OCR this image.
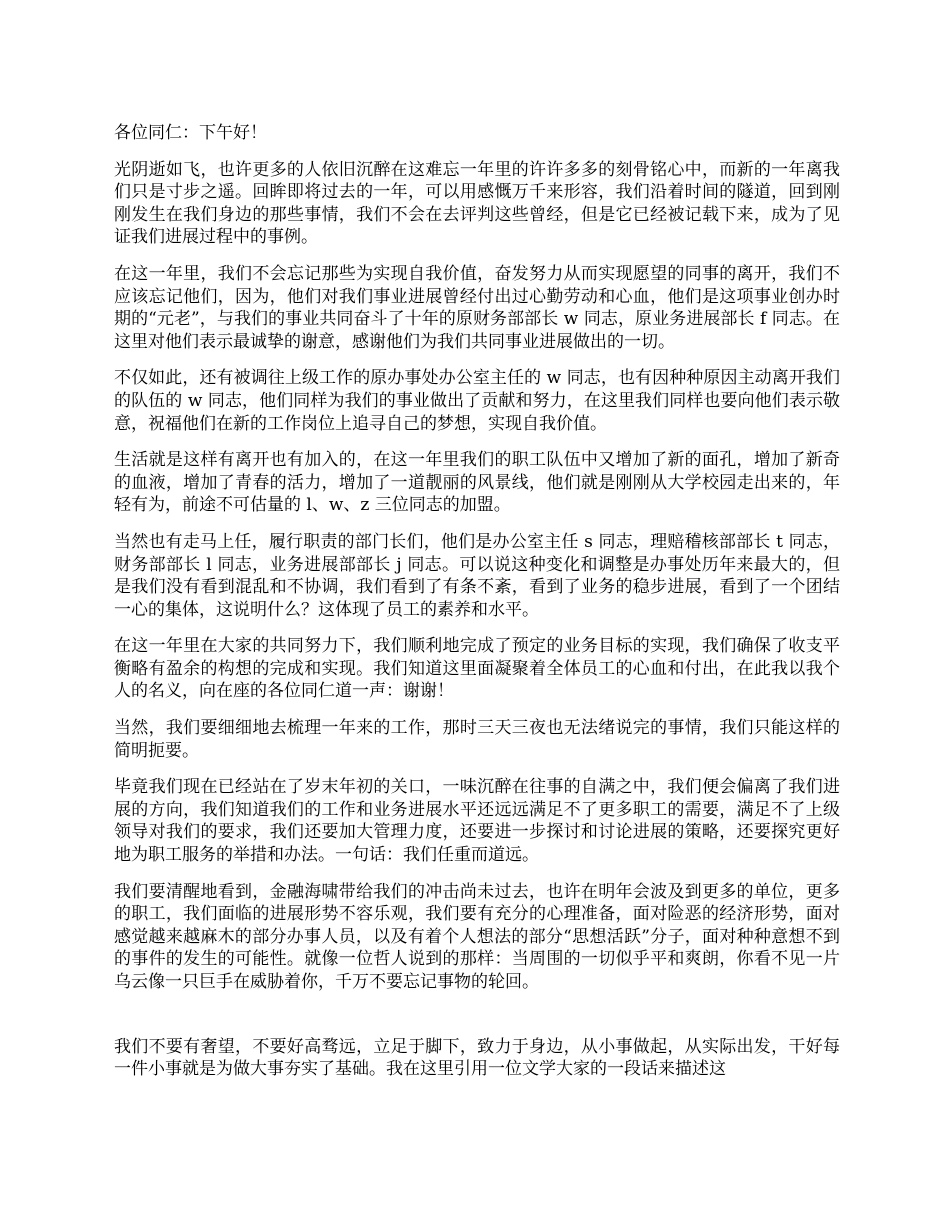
各位同仁：下午好！

光阴逝如飞，也许更多的人依旧沉醉在这难忘一年里的许许多多的刻骨铭心中，而新的一年离我们只是寸步之遥。回眸即将过去的一年，可以用感慨万千来形容，我们沿着时间的隧道，回到刚刚发生在我们身边的那些事情，我们不会在去评判这些曾经，但是它已经被记载下来，成为了见证我们进展过程中的事例。

在这一年里，我们不会忘记那些为实现自我价值，奋发努力从而实现愿望的同事的离开，我们不应该忘记他们，因为，他们对我们事业进展曾经付出过心勤劳动和心血，他们是这项事业创办时期的“元老”，与我们的事业共同奋斗了十年的原财务部部长 w 同志，原业务进展部长 f 同志。在这里对他们表示最诚挚的谢意，感谢他们为我们共同事业进展做出的一切。

不仅如此，还有被调往上级工作的原办事处办公室主任的 w 同志，也有因种种原因主动离开我们的队伍的 w 同志，他们同样为我们的事业做出了贡献和努力，在这里我们同样也要向他们表示敬意，祝福他们在新的工作岗位上追寻自己的梦想，实现自我价值。

生活就是这样有离开也有加入的，在这一年里我们的职工队伍中又增加了新的面孔，增加了新奇的血液，增加了青春的活力，增加了一道靓丽的风景线，他们就是刚刚从大学校园走出来的，年轻有为，前途不可估量的 l、w、z 三位同志的加盟。

当然也有走马上任，履行职责的部门长们，他们是办公室主任 s 同志，理赔稽核部部长 t 同志，财务部部长 l 同志，业务进展部部长 j 同志。可以说这种变化和调整是办事处历年来最大的，但是我们没有看到混乱和不协调，我们看到了有条不紊，看到了业务的稳步进展，看到了一个团结一心的集体，这说明什么？这体现了员工的素养和水平。

在这一年里在大家的共同努力下，我们顺利地完成了预定的业务目标的实现，我们确保了收支平衡略有盈余的构想的完成和实现。我们知道这里面凝聚着全体员工的心血和付出，在此我以我个人的名义，向在座的各位同仁道一声：谢谢！

当然，我们要细细地去梳理一年来的工作，那时三天三夜也无法绪说完的事情，我们只能这样的简明扼要。

毕竟我们现在已经站在了岁末年初的关口，一味沉醉在往事的自满之中，我们便会偏离了我们进展的方向，我们知道我们的工作和业务进展水平还远远满足不了更多职工的需要，满足不了上级领导对我们的要求，我们还要加大管理力度，还要进一步探讨和讨论进展的策略，还要探究更好地为职工服务的举措和办法。一句话：我们任重而道远。

我们要清醒地看到，金融海啸带给我们的冲击尚未过去，也许在明年会波及到更多的单位，更多的职工，我们面临的进展形势不容乐观，我们要有充分的心理准备，面对险恶的经济形势，面对感觉越来越麻木的部分办事人员，以及有着个人想法的部分“思想活跃”分子，面对种种意想不到的事件的发生的可能性。就像一位哲人说到的那样：当周围的一切似乎平和爽朗，你看不见一片乌云像一只巨手在威胁着你，千万不要忘记事物的轮回。

我们不要有奢望，不要好高骛远，立足于脚下，致力于身边，从小事做起，从实际出发，干好每一件小事就是为做大事夯实了基础。我在这里引用一位文学大家的一段话来描述这
